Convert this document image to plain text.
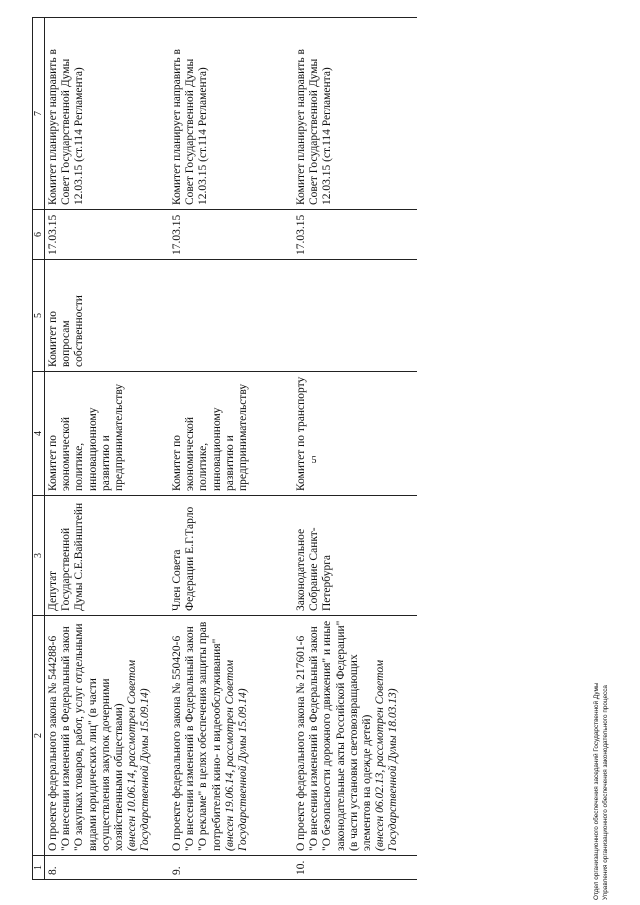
5
1	2	3	4	5	6	7
8.	О проекте федерального закона № 544288-6 "О внесении изменений в Федеральный закон "О закупках товаров, работ, услуг отдельными видами юридических лиц" (в части осуществления закупок дочерними хозяйственными обществами) (внесен 10.06.14, рассмотрен Советом Государственной Думы 15.09.14)	Депутат Государственной Думы С.Е.Вайнштейн	Комитет по экономической политике, инновационному развитию и предпринимательству	Комитет по вопросам собственности	17.03.15	Комитет планирует направить в Совет Государственной Думы 12.03.15 (ст.114 Регламента)
9.	О проекте федерального закона № 550420-6 "О внесении изменений в Федеральный закон "О рекламе" в целях обеспечения защиты прав потребителей кино- и видеообслуживания" (внесен 19.06.14, рассмотрен Советом Государственной Думы 15.09.14)	Член Совета Федерации Е.Г.Тарло	Комитет по экономической политике, инновационному развитию и предпринимательству		17.03.15	Комитет планирует направить в Совет Государственной Думы 12.03.15 (ст.114 Регламента)
10.	О проекте федерального закона № 217601-6 "О внесении изменений в Федеральный закон "О безопасности дорожного движения" и иные законодательные акты Российской Федерации" (в части установки световозвращающих элементов на одежде детей) (внесен 06.02.13, рассмотрен Советом Государственной Думы 18.03.13)	Законодательное Собрание Санкт-Петербурга	Комитет по транспорту		17.03.15	Комитет планирует направить в Совет Государственной Думы 12.03.15 (ст.114 Регламента)
Отдел организационного обеспечения заседаний Государственной Думы Управления организационного обеспечения законодательного процесса
